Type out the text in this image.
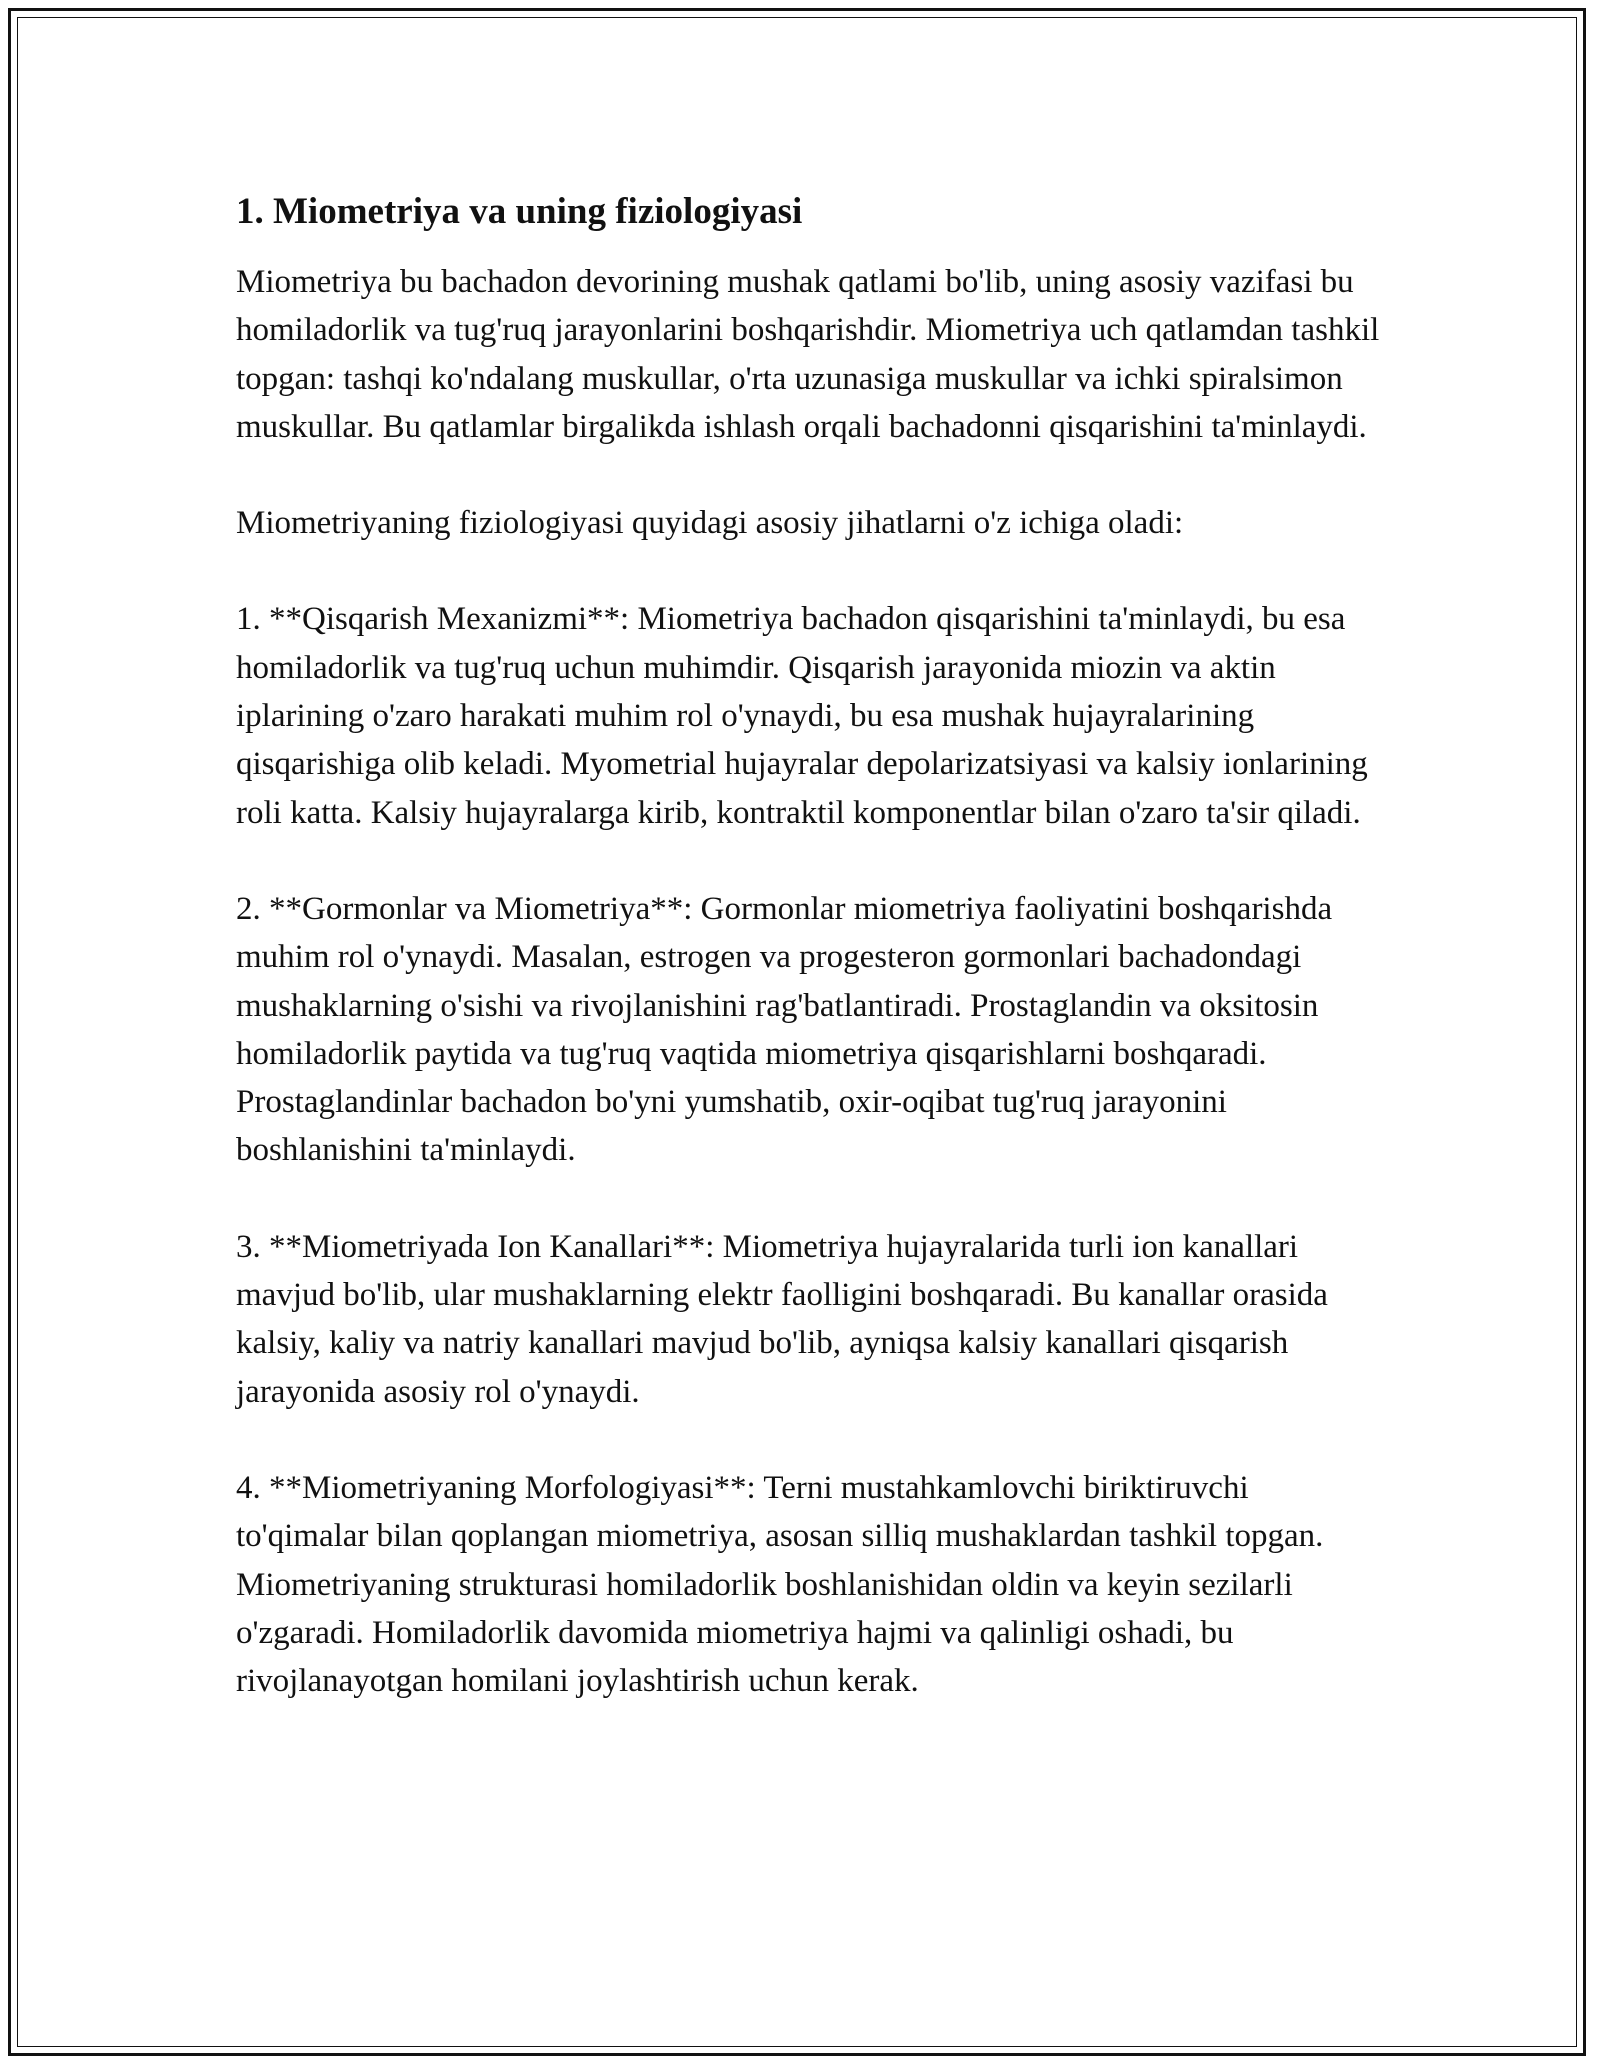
1. Miometriya va uning fiziologiyasi

Miometriya bu bachadon devorining mushak qatlami bo'lib, uning asosiy vazifasi bu homiladorlik va tug'ruq jarayonlarini boshqarishdir. Miometriya uch qatlamdan tashkil topgan: tashqi ko'ndalang muskullar, o'rta uzunasiga muskullar va ichki spiralsimon muskullar. Bu qatlamlar birgalikda ishlash orqali bachadonni qisqarishini ta'minlaydi.

Miometriyaning fiziologiyasi quyidagi asosiy jihatlarni o'z ichiga oladi:

1. **Qisqarish Mexanizmi**: Miometriya bachadon qisqarishini ta'minlaydi, bu esa homiladorlik va tug'ruq uchun muhimdir. Qisqarish jarayonida miozin va aktin iplarining o'zaro harakati muhim rol o'ynaydi, bu esa mushak hujayralarining qisqarishiga olib keladi. Myometrial hujayralar depolarizatsiyasi va kalsiy ionlarining roli katta. Kalsiy hujayralarga kirib, kontraktil komponentlar bilan o'zaro ta'sir qiladi.

2. **Gormonlar va Miometriya**: Gormonlar miometriya faoliyatini boshqarishda muhim rol o'ynaydi. Masalan, estrogen va progesteron gormonlari bachadondagi mushaklarning o'sishi va rivojlanishini rag'batlantiradi. Prostaglandin va oksitosin homiladorlik paytida va tug'ruq vaqtida miometriya qisqarishlarni boshqaradi. Prostaglandinlar bachadon bo'yni yumshatib, oxir-oqibat tug'ruq jarayonini boshlanishini ta'minlaydi.

3. **Miometriyada Ion Kanallari**: Miometriya hujayralarida turli ion kanallari mavjud bo'lib, ular mushaklarning elektr faolligini boshqaradi. Bu kanallar orasida kalsiy, kaliy va natriy kanallari mavjud bo'lib, ayniqsa kalsiy kanallari qisqarish jarayonida asosiy rol o'ynaydi.

4. **Miometriyaning Morfologiyasi**: Terni mustahkamlovchi biriktiruvchi to'qimalar bilan qoplangan miometriya, asosan silliq mushaklardan tashkil topgan. Miometriyaning strukturasi homiladorlik boshlanishidan oldin va keyin sezilarli o'zgaradi. Homiladorlik davomida miometriya hajmi va qalinligi oshadi, bu rivojlanayotgan homilani joylashtirish uchun kerak.
